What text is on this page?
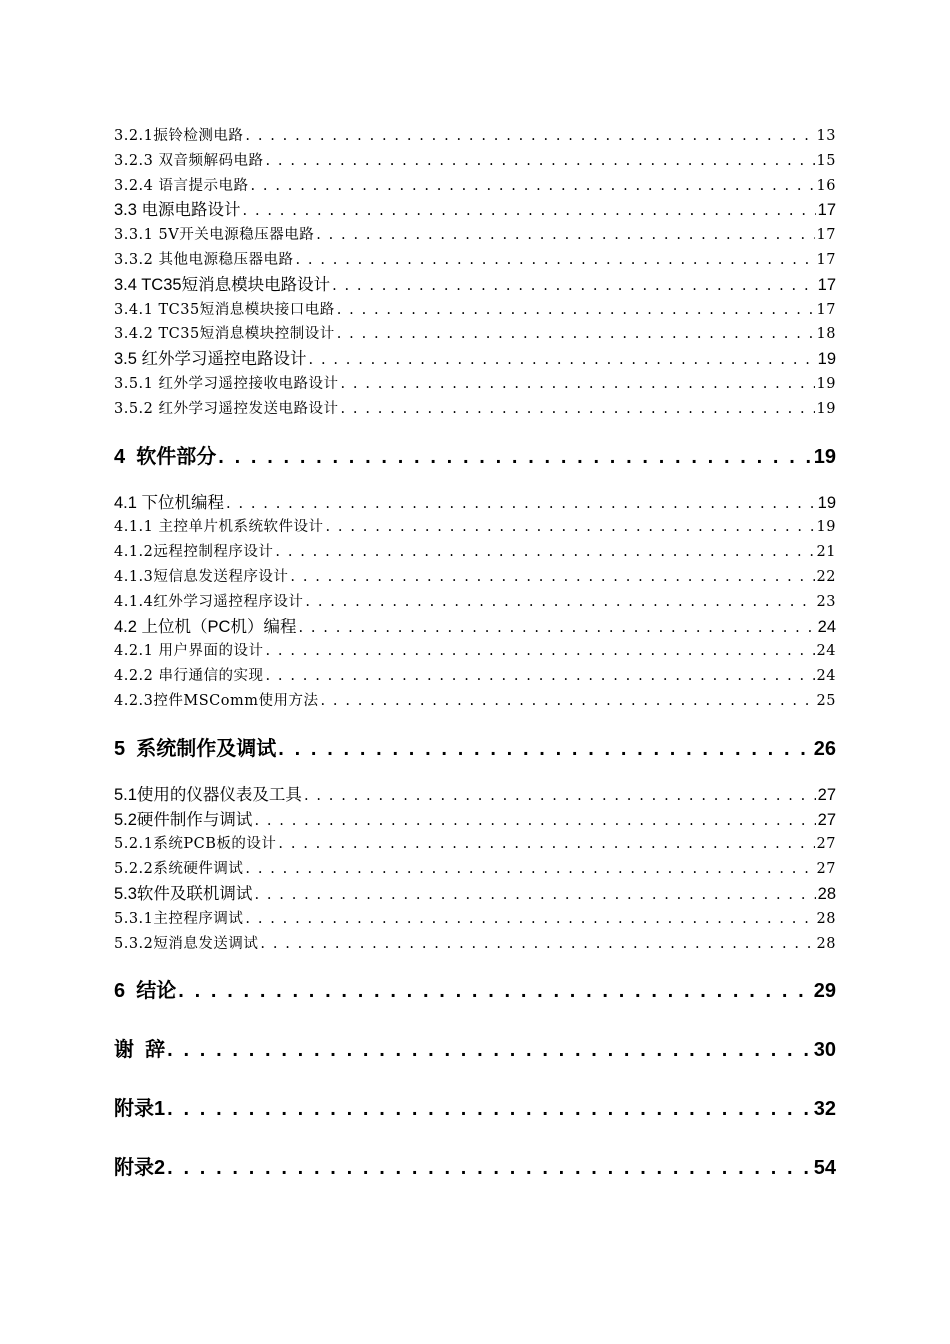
3.2.1振铃检测电路 . . .	13
3.2.3 双音频解码电路 . . .	15
3.2.4 语言提示电路 . . .	16
3.3 电源电路设计 . . .	17
3.3.1 5V开关电源稳压器电路 . . .	17
3.3.2 其他电源稳压器电路 . . .	17
3.4 TC35短消息模块电路设计 . . .	17
3.4.1 TC35短消息模块接口电路 . . .	17
3.4.2 TC35短消息模块控制设计 . . .	18
3.5 红外学习遥控电路设计 . . .	19
3.5.1 红外学习遥控接收电路设计 . . .	19
3.5.2 红外学习遥控发送电路设计 . . .	19
4  软件部分 . . .	19
4.1 下位机编程 . . .	19
4.1.1 主控单片机系统软件设计 . . .	19
4.1.2远程控制程序设计 . . .	21
4.1.3短信息发送程序设计 . . .	22
4.1.4红外学习遥控程序设计 . . .	23
4.2 上位机（PC机）编程 . . .	24
4.2.1 用户界面的设计 . . .	24
4.2.2 串行通信的实现 . . .	24
4.2.3控件MSComm使用方法 . . .	25
5  系统制作及调试 . . .	26
5.1使用的仪器仪表及工具 . . .	27
5.2硬件制作与调试 . . .	27
5.2.1系统PCB板的设计 . . .	27
5.2.2系统硬件调试 . . .	27
5.3软件及联机调试 . . .	28
5.3.1主控程序调试 . . .	28
5.3.2短消息发送调试 . . .	28
6  结论 . . .	29
谢  辞 . . .	30
附录1 . . .	32
附录2 . . .	54
